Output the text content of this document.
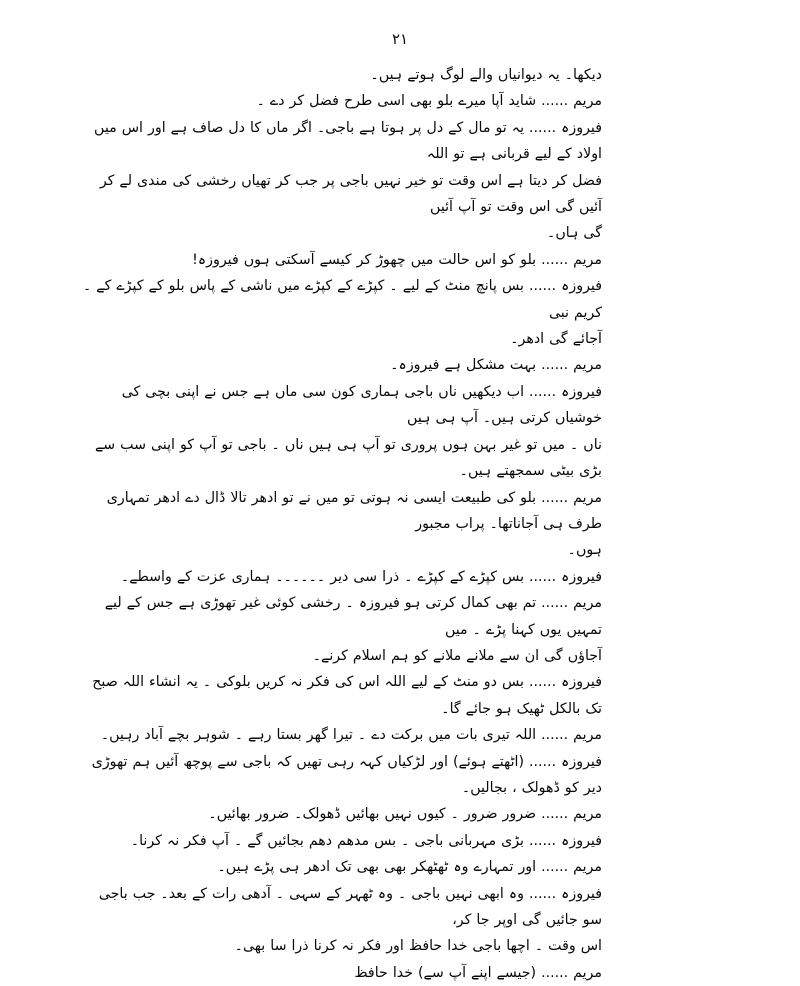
۲۱
دیکھا۔ یہ دیوانیاں والے لوگ ہوتے ہیں۔
مریم ...... شاید آپا میرے بلو بھی اسی طرح فضل کر دے ۔
فیروزہ ...... یہ تو مال کے دل پر ہوتا ہے باجی۔ اگر ماں کا دل صاف ہے اور اس میں اولاد کے لیے قربانی ہے تو اللہ
فضل کر دیتا ہے اس وقت تو خیر نہیں باجی پر جب کر تھیاں رخشی کی مندی لے کر آئیں گی اس وقت تو آپ آئیں
گی ہاں۔
مریم ...... بلو کو اس حالت میں چھوڑ کر کیسے آسکتی ہوں فیروزہ!
فیروزہ ...... بس پانچ منٹ کے لیے ۔ کپڑے کے کپڑے میں ناشی کے پاس بلو کے کپڑے کے ۔ کریم نبی
آجائے گی ادھر۔
مریم ...... بہت مشکل ہے فیروزہ۔
فیروزہ ...... اب دیکھیں ناں باجی ہماری کون سی ماں ہے جس نے اپنی بچی کی خوشیاں کرتی ہیں۔ آپ ہی ہیں
ناں ۔ میں تو غیر بہن ہوں پروری تو آپ ہی ہیں ناں ۔ باجی تو آپ کو اپنی سب سے بڑی بیٹی سمجھتے ہیں۔
مریم ...... بلو کی طبیعت ایسی نہ ہوتی تو میں نے تو ادھر تالا ڈال دے ادھر تمہاری طرف ہی آجاناتھا۔ پراب مجبور
ہوں۔
فیروزہ ...... بس کپڑے کے کپڑے ۔ ذرا سی دیر ۔۔۔۔۔۔ ہماری عزت کے واسطے۔
مریم ...... تم بھی کمال کرتی ہو فیروزہ ۔ رخشی کوئی غیر تھوڑی ہے جس کے لیے تمہیں یوں کہنا پڑے ۔ میں
آجاؤں گی ان سے ملانے ملانے کو ہم اسلام کرنے۔
فیروزہ ...... بس دو منٹ کے لیے اللہ اس کی فکر نہ کریں بلوکی ۔ یہ انشاء اللہ صبح تک بالکل ٹھیک ہو جائے گا۔
مریم ...... اللہ تیری بات میں برکت دے ۔ تیرا گھر بستا رہے ۔ شوہر بچے آباد رہیں۔
فیروزہ ...... (اٹھتے ہوئے) اور لڑکیاں کہہ رہی تھیں کہ باجی سے پوچھ آئیں ہم تھوڑی دیر کو ڈھولک ، بجالیں۔
مریم ...... ضرور ضرور ۔ کیوں نہیں بھائیں ڈھولک۔ ضرور بھائیں۔
فیروزہ ...... بڑی مہربانی باجی ۔ بس مدھم دھم بجائیں گے ۔ آپ فکر نہ کرنا۔
مریم ...... اور تمہارے وہ ٹھٹھکر بھی بھی تک ادھر ہی پڑے ہیں۔
فیروزہ ...... وہ ابھی نہیں باجی ۔ وہ ٹھہر کے سہی ۔ آدھی رات کے بعد۔ جب باجی سو جائیں گی اوپر جا کر،
اس وقت ۔ اچھا باجی خدا حافظ اور فکر نہ کرنا ذرا سا بھی۔
مریم ...... (جیسے اپنے آپ سے) خدا حافظ
